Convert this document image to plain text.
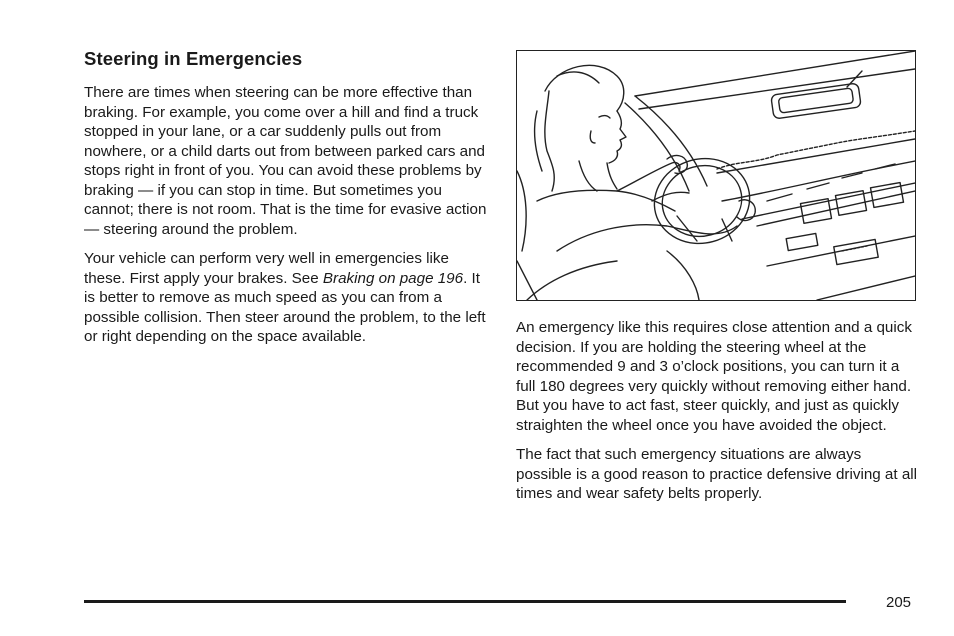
Steering in Emergencies

There are times when steering can be more effective than braking. For example, you come over a hill and find a truck stopped in your lane, or a car suddenly pulls out from nowhere, or a child darts out from between parked cars and stops right in front of you. You can avoid these problems by braking — if you can stop in time. But sometimes you cannot; there is not room. That is the time for evasive action — steering around the problem.

Your vehicle can perform very well in emergencies like these. First apply your brakes. See Braking on page 196. It is better to remove as much speed as you can from a possible collision. Then steer around the problem, to the left or right depending on the space available.

An emergency like this requires close attention and a quick decision. If you are holding the steering wheel at the recommended 9 and 3 o’clock positions, you can turn it a full 180 degrees very quickly without removing either hand. But you have to act fast, steer quickly, and just as quickly straighten the wheel once you have avoided the object.

The fact that such emergency situations are always possible is a good reason to practice defensive driving at all times and wear safety belts properly.

205
